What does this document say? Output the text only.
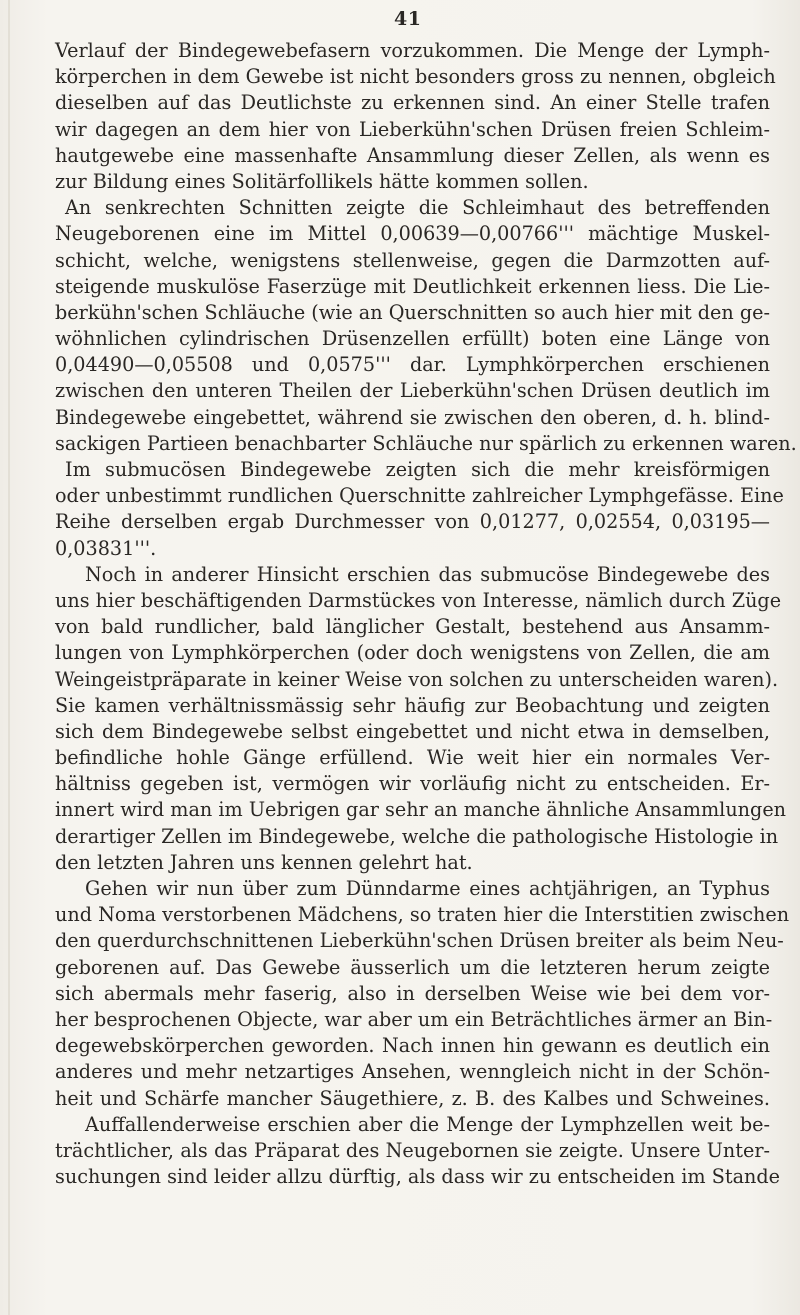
41
Verlauf der Bindegewebefasern vorzukommen. Die Menge der Lymph-
körperchen in dem Gewebe ist nicht besonders gross zu nennen, obgleich
dieselben auf das Deutlichste zu erkennen sind. An einer Stelle trafen
wir dagegen an dem hier von Lieberkühn'schen Drüsen freien Schleim-
hautgewebe eine massenhafte Ansammlung dieser Zellen, als wenn es
zur Bildung eines Solitärfollikels hätte kommen sollen.
An senkrechten Schnitten zeigte die Schleimhaut des betreffenden
Neugeborenen eine im Mittel 0,00639—0,00766''' mächtige Muskel-
schicht, welche, wenigstens stellenweise, gegen die Darmzotten auf-
steigende muskulöse Faserzüge mit Deutlichkeit erkennen liess. Die Lie-
berkühn'schen Schläuche (wie an Querschnitten so auch hier mit den ge-
wöhnlichen cylindrischen Drüsenzellen erfüllt) boten eine Länge von
0,04490—0,05508 und 0,0575''' dar. Lymphkörperchen erschienen
zwischen den unteren Theilen der Lieberkühn'schen Drüsen deutlich im
Bindegewebe eingebettet, während sie zwischen den oberen, d. h. blind-
sackigen Partieen benachbarter Schläuche nur spärlich zu erkennen waren.
Im submucösen Bindegewebe zeigten sich die mehr kreisförmigen
oder unbestimmt rundlichen Querschnitte zahlreicher Lymphgefässe. Eine
Reihe derselben ergab Durchmesser von 0,01277, 0,02554, 0,03195—
0,03831'''.
Noch in anderer Hinsicht erschien das submucöse Bindegewebe des
uns hier beschäftigenden Darmstückes von Interesse, nämlich durch Züge
von bald rundlicher, bald länglicher Gestalt, bestehend aus Ansamm-
lungen von Lymphkörperchen (oder doch wenigstens von Zellen, die am
Weingeistpräparate in keiner Weise von solchen zu unterscheiden waren).
Sie kamen verhältnissmässig sehr häufig zur Beobachtung und zeigten
sich dem Bindegewebe selbst eingebettet und nicht etwa in demselben,
befindliche hohle Gänge erfüllend. Wie weit hier ein normales Ver-
hältniss gegeben ist, vermögen wir vorläufig nicht zu entscheiden. Er-
innert wird man im Uebrigen gar sehr an manche ähnliche Ansammlungen
derartiger Zellen im Bindegewebe, welche die pathologische Histologie in
den letzten Jahren uns kennen gelehrt hat.
Gehen wir nun über zum Dünndarme eines achtjährigen, an Typhus
und Noma verstorbenen Mädchens, so traten hier die Interstitien zwischen
den querdurchschnittenen Lieberkühn'schen Drüsen breiter als beim Neu-
geborenen auf. Das Gewebe äusserlich um die letzteren herum zeigte
sich abermals mehr faserig, also in derselben Weise wie bei dem vor-
her besprochenen Objecte, war aber um ein Beträchtliches ärmer an Bin-
degewebskörperchen geworden. Nach innen hin gewann es deutlich ein
anderes und mehr netzartiges Ansehen, wenngleich nicht in der Schön-
heit und Schärfe mancher Säugethiere, z. B. des Kalbes und Schweines.
Auffallenderweise erschien aber die Menge der Lymphzellen weit be-
trächtlicher, als das Präparat des Neugebornen sie zeigte. Unsere Unter-
suchungen sind leider allzu dürftig, als dass wir zu entscheiden im Stande
